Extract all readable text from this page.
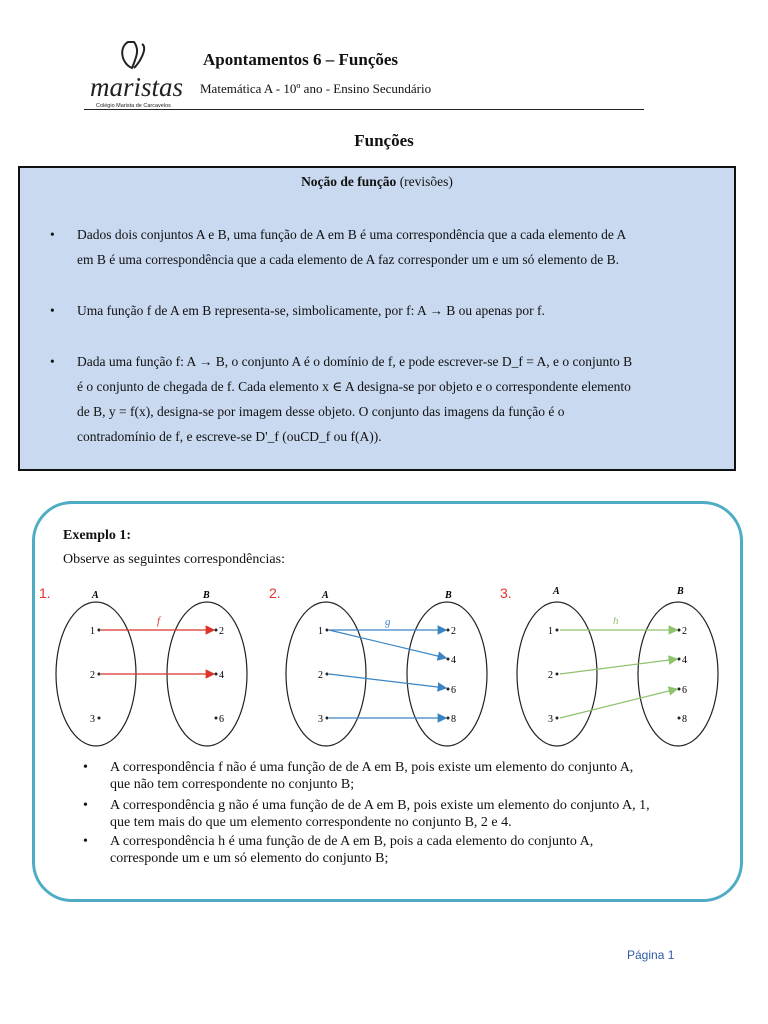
maristas
Colégio Marista de Carcavelos
Apontamentos 6 – Funções
Matemática A - 10º ano - Ensino Secundário
Funções
Noção de função (revisões)
• Dados dois conjuntos A e B, uma função de A em B é uma correspondência que a cada elemento de A
em B é uma correspondência que a cada elemento de A faz corresponder um e um só elemento de B.
• Uma função f de A em B representa-se, simbolicamente, por f: A → B ou apenas por f.
• Dada uma função f: A → B, o conjunto A é o domínio de f, e pode escrever-se D_f = A, e o conjunto B
é o conjunto de chegada de f. Cada elemento x ∈ A designa-se por objeto e o correspondente elemento
de B, y = f(x), designa-se por imagem desse objeto. O conjunto das imagens da função é o
contradomínio de f, e escreve-se D'_f (ouCD_f ou f(A)).
Exemplo 1:
Observe as seguintes correspondências:
1.	A	B
f
1
2
3
2
4
6
2.	A	B
g
1
2
3
2
4
6
8
3.	A	B
h
1
2
3
2
4
6
8
• A correspondência f não é uma função de de A em B, pois existe um elemento do conjunto A,
que não tem correspondente no conjunto B;
• A correspondência g não é uma função de de A em B, pois existe um elemento do conjunto A, 1,
que tem mais do que um elemento correspondente no conjunto B, 2 e 4.
• A correspondência h é uma função de de A em B, pois a cada elemento do conjunto A,
corresponde um e um só elemento do conjunto B;
Página 1
